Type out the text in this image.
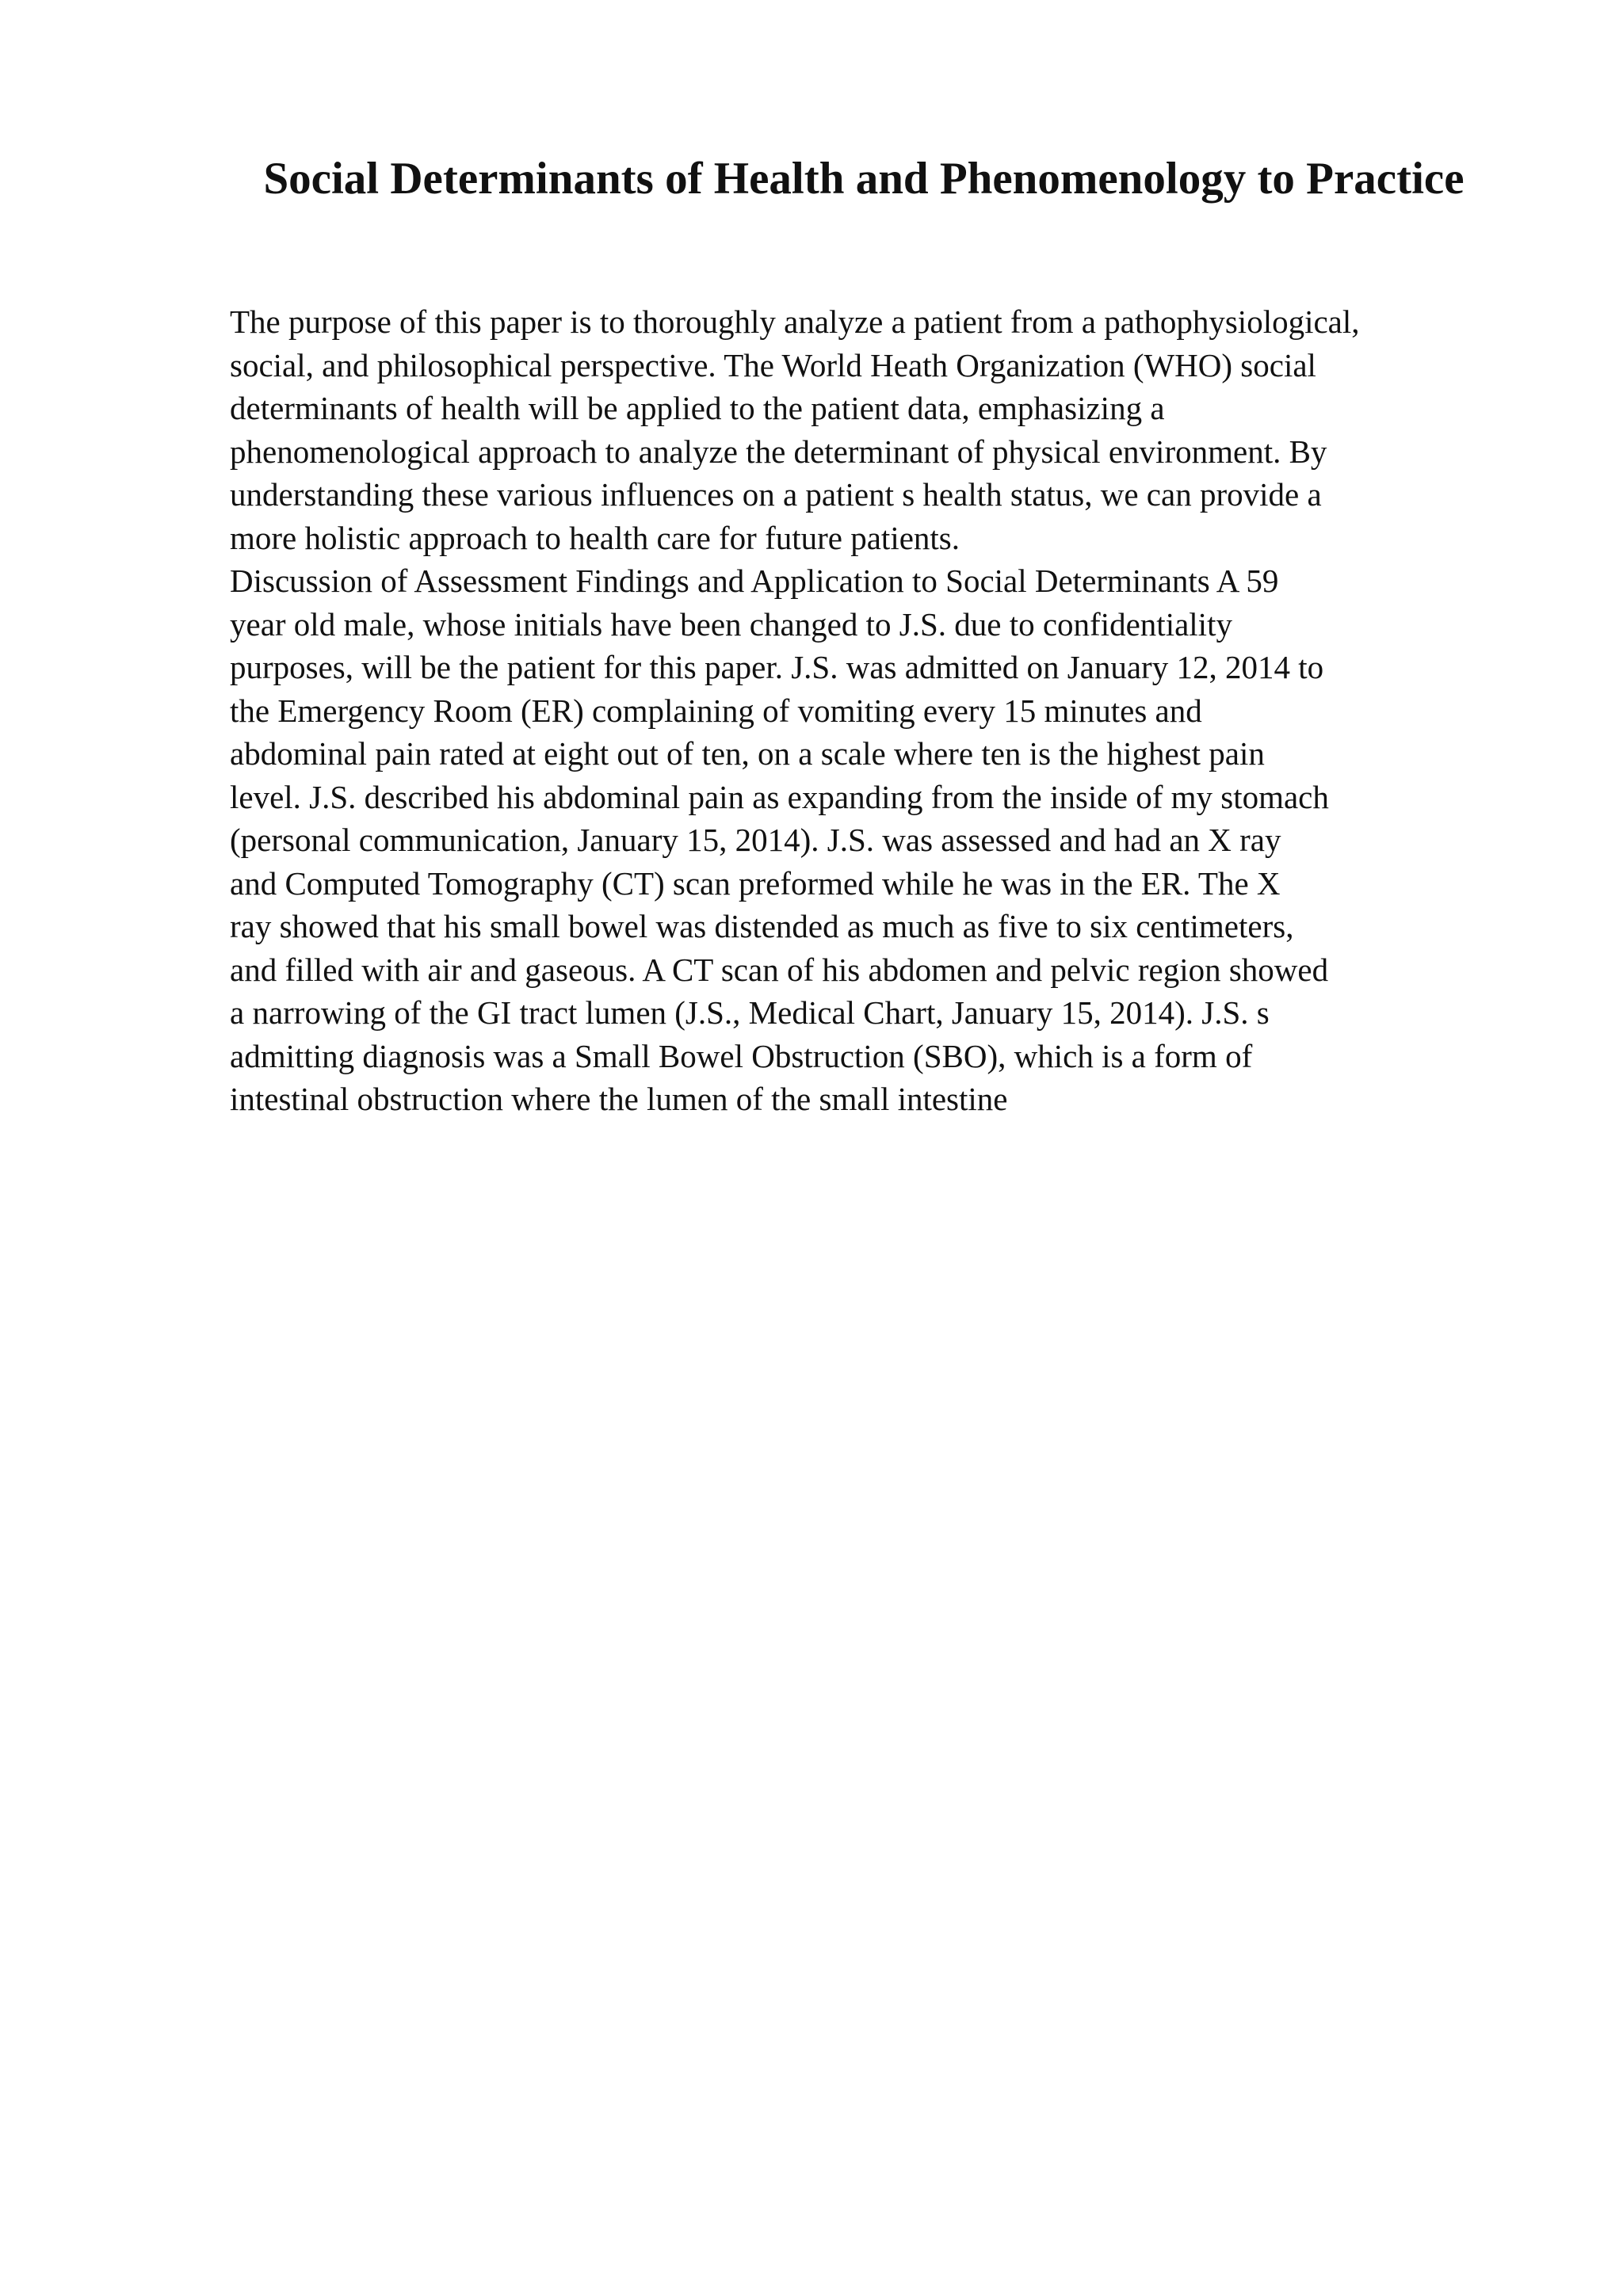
Social Determinants of Health and Phenomenology to Practice
The purpose of this paper is to thoroughly analyze a patient from a pathophysiological,
social, and philosophical perspective. The World Heath Organization (WHO) social
determinants of health will be applied to the patient data, emphasizing a
phenomenological approach to analyze the determinant of physical environment. By
understanding these various influences on a patient s health status, we can provide a
more holistic approach to health care for future patients.
Discussion of Assessment Findings and Application to Social Determinants A 59
year old male, whose initials have been changed to J.S. due to confidentiality
purposes, will be the patient for this paper. J.S. was admitted on January 12, 2014 to
the Emergency Room (ER) complaining of vomiting every 15 minutes and
abdominal pain rated at eight out of ten, on a scale where ten is the highest pain
level. J.S. described his abdominal pain as expanding from the inside of my stomach
(personal communication, January 15, 2014). J.S. was assessed and had an X ray
and Computed Tomography (CT) scan preformed while he was in the ER. The X
ray showed that his small bowel was distended as much as five to six centimeters,
and filled with air and gaseous. A CT scan of his abdomen and pelvic region showed
a narrowing of the GI tract lumen (J.S., Medical Chart, January 15, 2014). J.S. s
admitting diagnosis was a Small Bowel Obstruction (SBO), which is a form of
intestinal obstruction where the lumen of the small intestine
